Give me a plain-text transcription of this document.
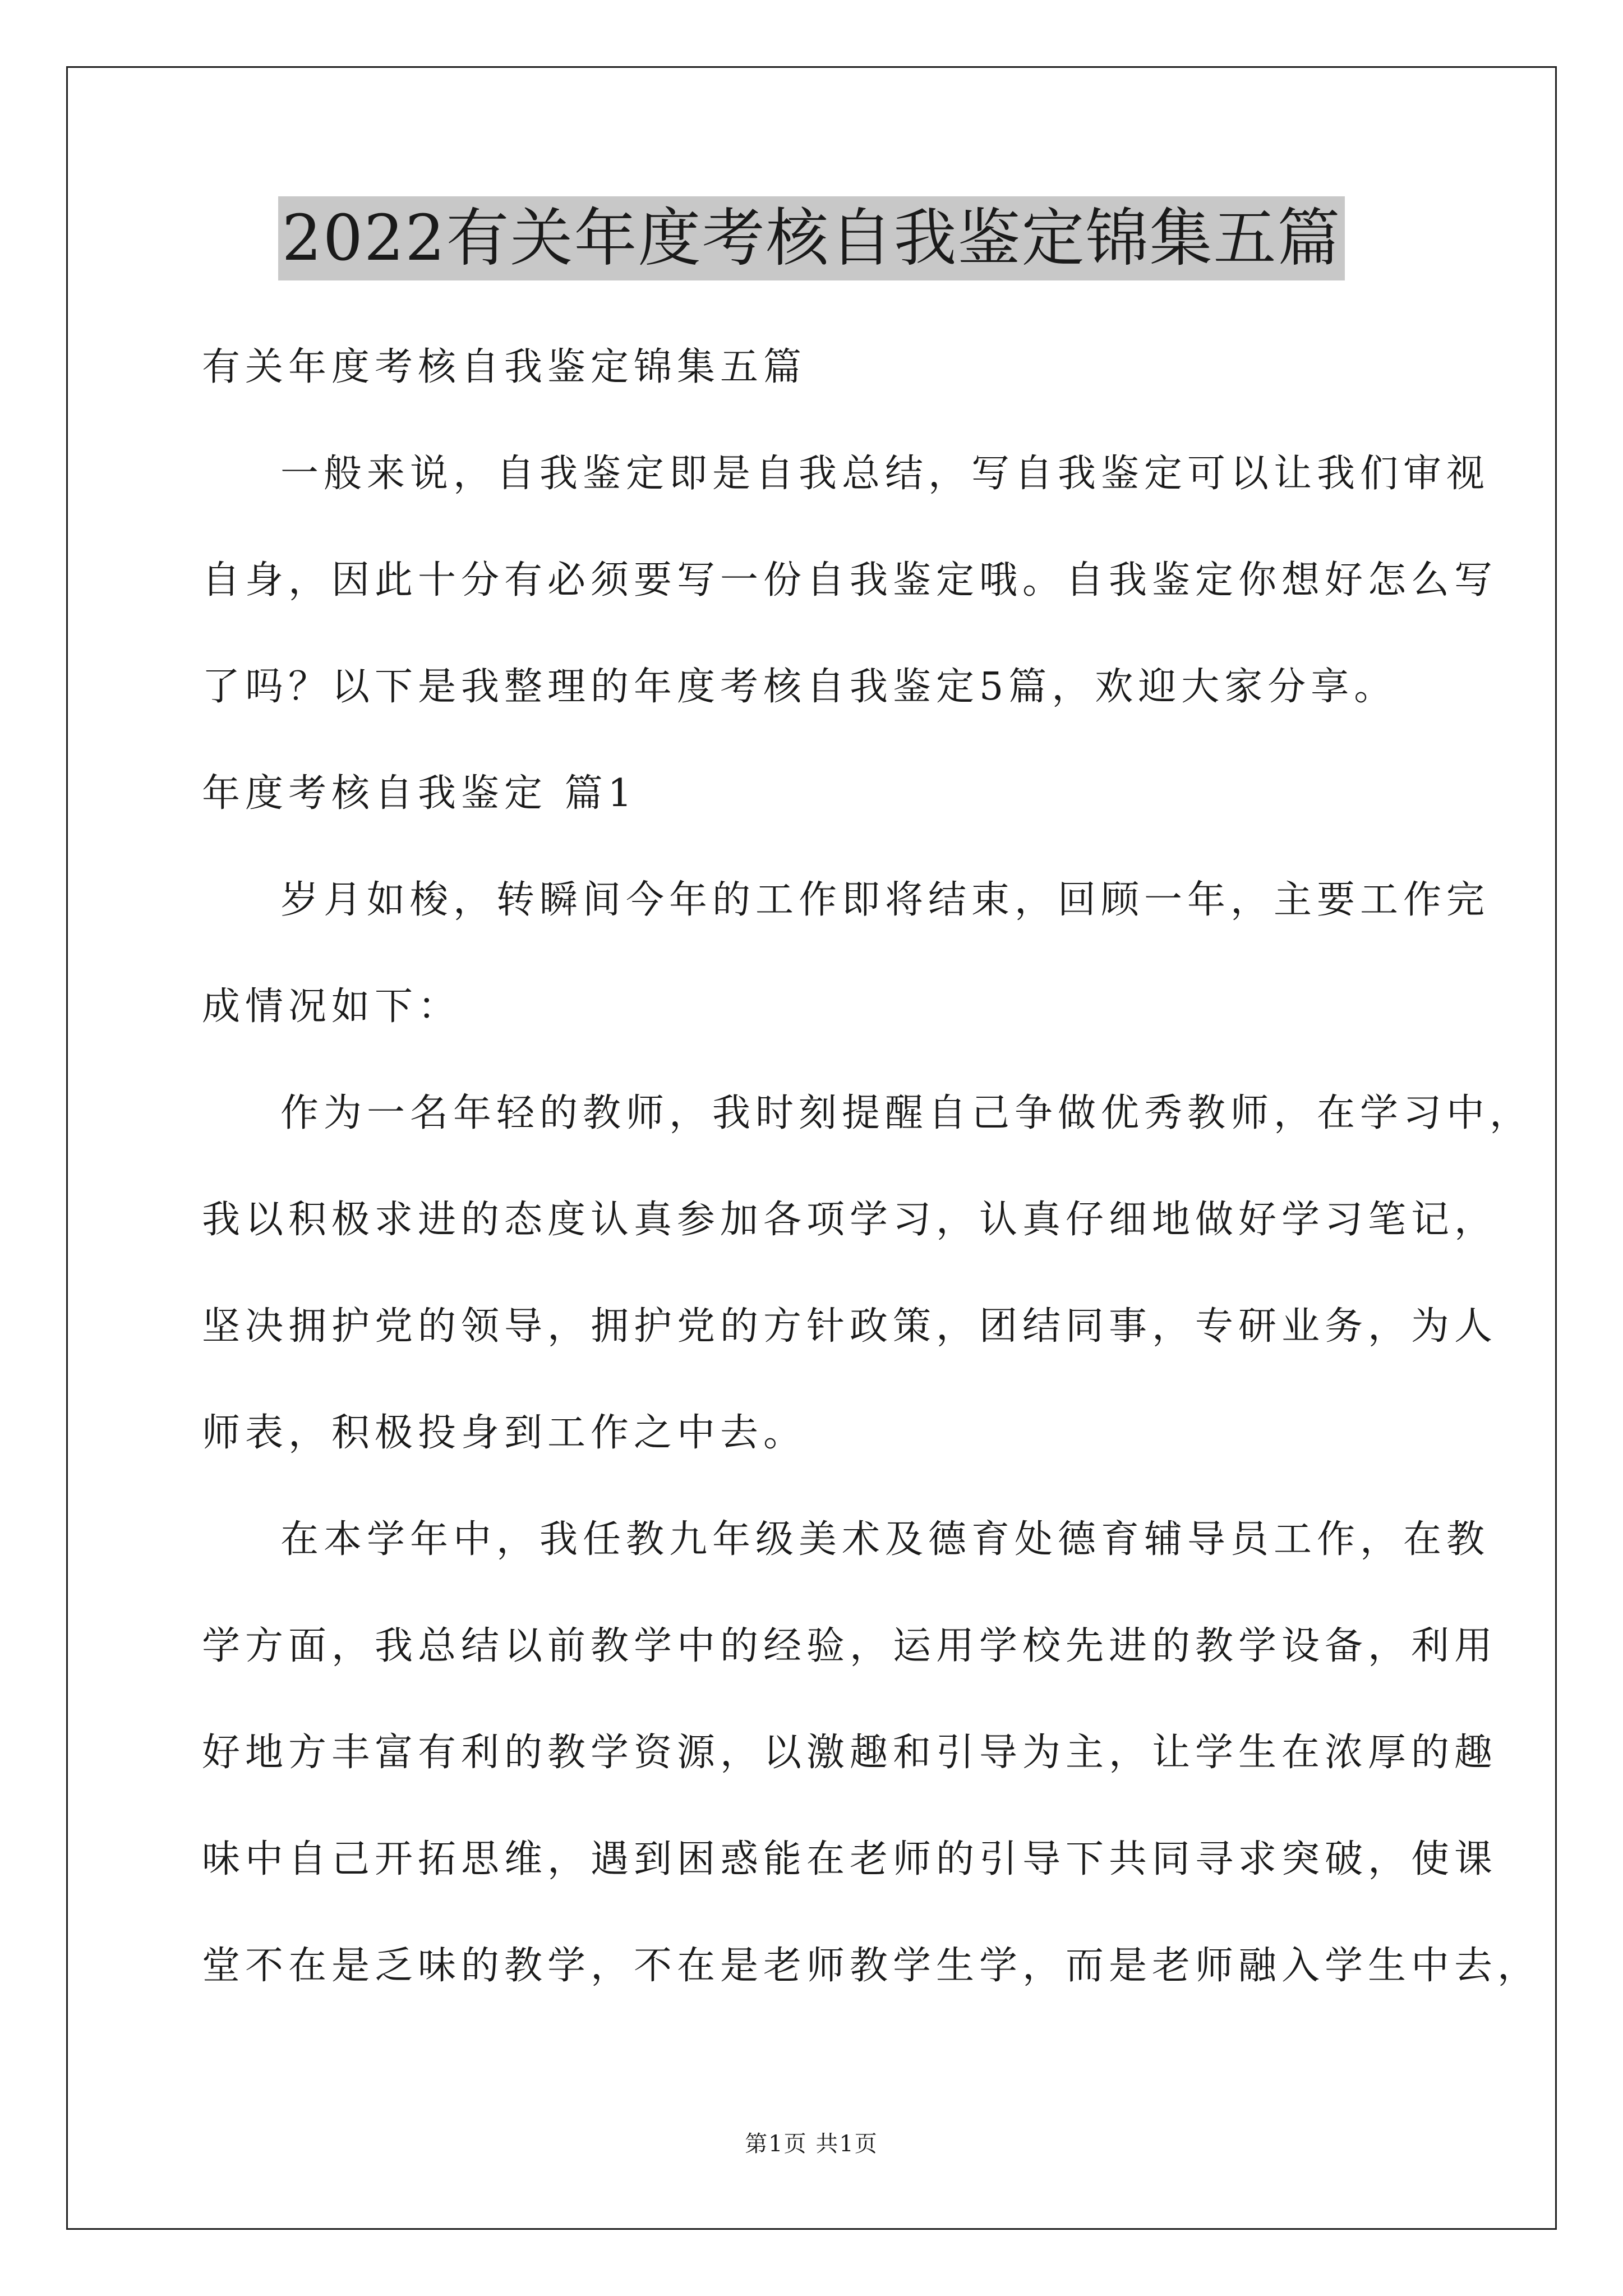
2022有关年度考核自我鉴定锦集五篇
有关年度考核自我鉴定锦集五篇
一般来说，自我鉴定即是自我总结，写自我鉴定可以让我们审视
自身，因此十分有必须要写一份自我鉴定哦。自我鉴定你想好怎么写
了吗？以下是我整理的年度考核自我鉴定5篇，欢迎大家分享。
年度考核自我鉴定 篇1
岁月如梭，转瞬间今年的工作即将结束，回顾一年，主要工作完
成情况如下：
作为一名年轻的教师，我时刻提醒自己争做优秀教师，在学习中，
我以积极求进的态度认真参加各项学习，认真仔细地做好学习笔记，
坚决拥护党的领导，拥护党的方针政策，团结同事，专研业务，为人
师表，积极投身到工作之中去。
在本学年中，我任教九年级美术及德育处德育辅导员工作，在教
学方面，我总结以前教学中的经验，运用学校先进的教学设备，利用
好地方丰富有利的教学资源，以激趣和引导为主，让学生在浓厚的趣
味中自己开拓思维，遇到困惑能在老师的引导下共同寻求突破，使课
堂不在是乏味的教学，不在是老师教学生学，而是老师融入学生中去，
第1页 共1页
